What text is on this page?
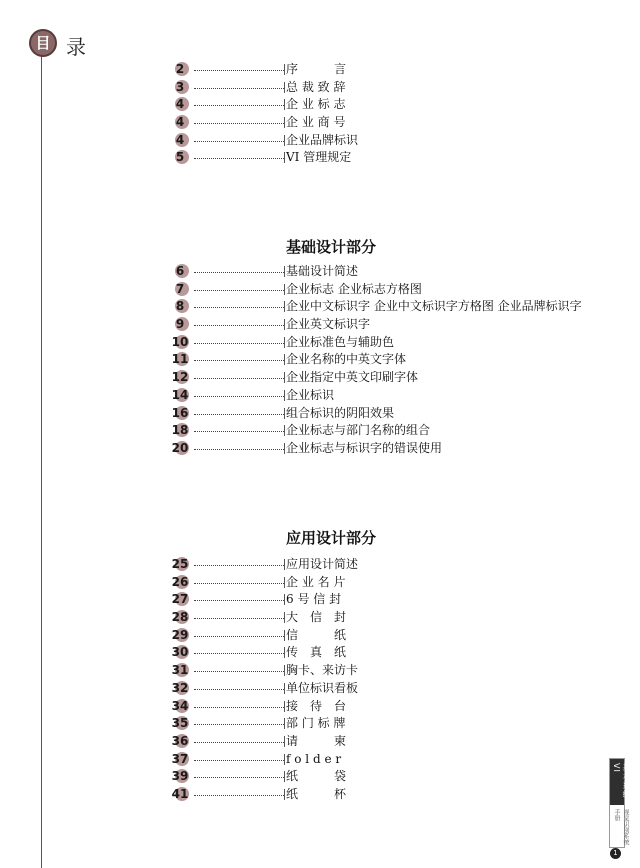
目 录
2	序　　　言
3	总 裁 致 辞
4	企 业 标 志
4	企 业 商 号
4	企业品牌标识
5	VI 管理规定
基础设计部分
6	基础设计简述
7	企业标志 企业标志方格图
8	企业中文标识字 企业中文标识字方格图 企业品牌标识字
9	企业英文标识字
10	企业标准色与辅助色
11	企业名称的中英文字体
12	企业指定中英文印刷字体
14	企业标识
16	组合标识的阴阳效果
18	企业标志与部门名称的组合
20	企业标志与标识字的错误使用
应用设计部分
25	应用设计简述
26	企 业 名 片
27	6 号 信 封
28	大　信　封
29	信　　　纸
30	传　真　纸
31	胸卡、来访卡
32	单位标识看板
34	接　待　台
35	部 门 标 牌
36	请　　　柬
37	f o l d e r
39	纸　　　袋
41	纸　　　杯	基本系统VI
视觉识别系统手册
1
